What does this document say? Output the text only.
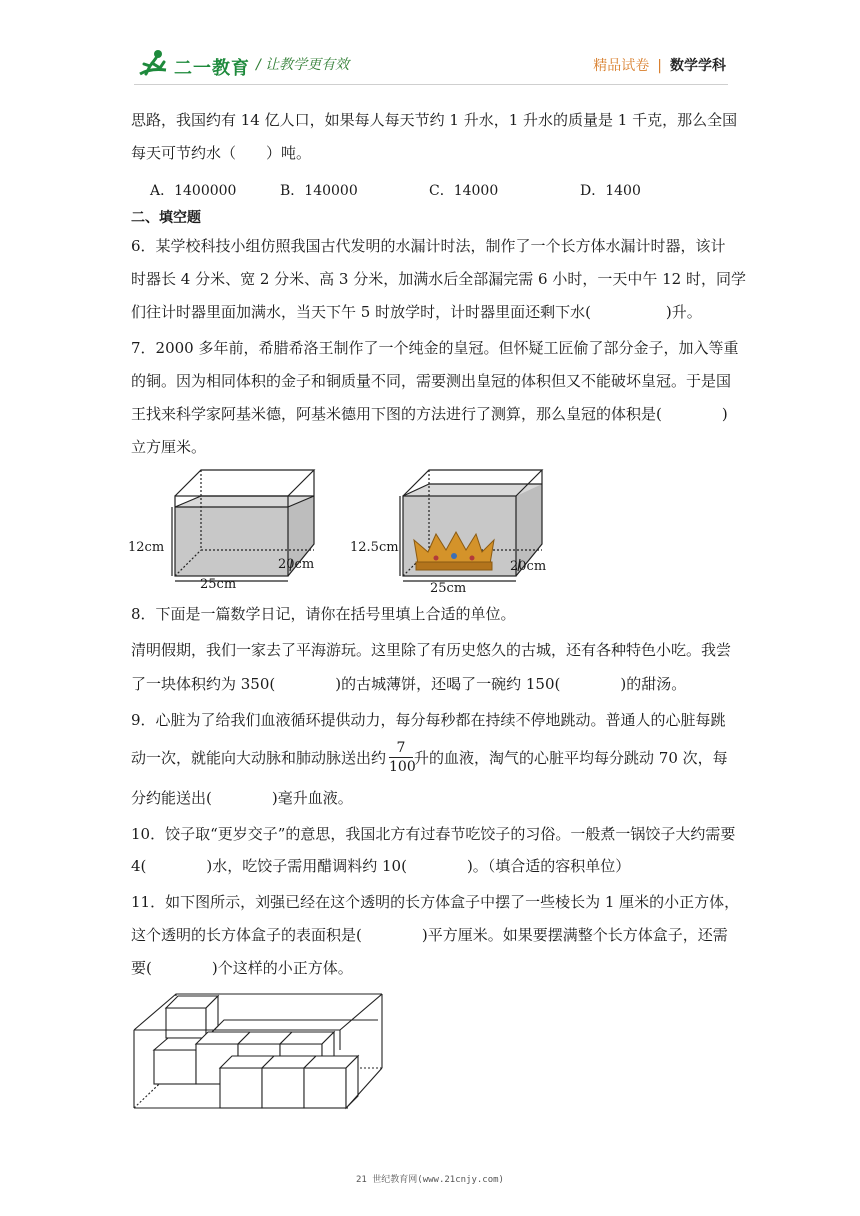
二一教育 / 让教学更有效	精品试卷 | 数学学科
思路，我国约有 14 亿人口，如果每人每天节约 1 升水，1 升水的质量是 1 千克，那么全国
每天可节约水（　　）吨。
A．1400000	B．140000	C．14000	D．1400
二、填空题
6．某学校科技小组仿照我国古代发明的水漏计时法，制作了一个长方体水漏计时器，该计
时器长 4 分米、宽 2 分米、高 3 分米，加满水后全部漏完需 6 小时，一天中午 12 时，同学
们往计时器里面加满水，当天下午 5 时放学时，计时器里面还剩下水(　　　　　)升。
7．2000 多年前，希腊希洛王制作了一个纯金的皇冠。但怀疑工匠偷了部分金子，加入等重
的铜。因为相同体积的金子和铜质量不同，需要测出皇冠的体积但又不能破坏皇冠。于是国
王找来科学家阿基米德，阿基米德用下图的方法进行了测算，那么皇冠的体积是(　　　　)
立方厘米。
12cm
25cm
20cm
12.5cm
25cm
20cm
8．下面是一篇数学日记，请你在括号里填上合适的单位。
清明假期，我们一家去了平海游玩。这里除了有历史悠久的古城，还有各种特色小吃。我尝
了一块体积约为 350(　　　　)的古城薄饼，还喝了一碗约 150(　　　　)的甜汤。
9．心脏为了给我们血液循环提供动力，每分每秒都在持续不停地跳动。普通人的心脏每跳
动一次，就能向大动脉和肺动脉送出约
7
100
升的血液，淘气的心脏平均每分跳动 70 次，每
分约能送出(　　　　)毫升血液。
10．饺子取“更岁交子”的意思，我国北方有过春节吃饺子的习俗。一般煮一锅饺子大约需要
4(　　　　)水，吃饺子需用醋调料约 10(　　　　)。（填合适的容积单位）
11．如下图所示，刘强已经在这个透明的长方体盒子中摆了一些棱长为 1 厘米的小正方体，
这个透明的长方体盒子的表面积是(　　　　)平方厘米。如果要摆满整个长方体盒子，还需
要(　　　　)个这样的小正方体。
21 世纪教育网(www.21cnjy.com)
